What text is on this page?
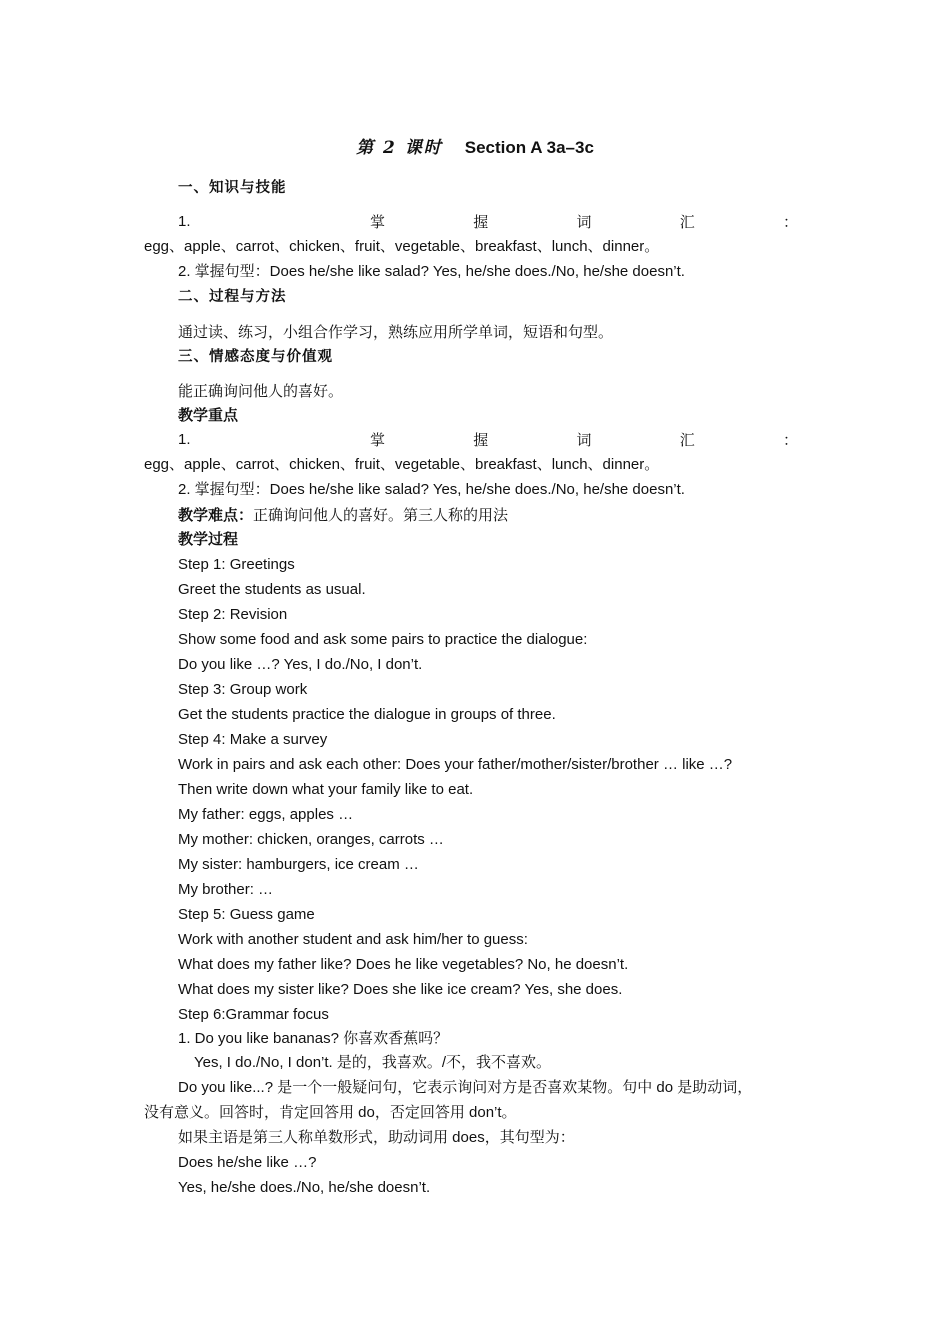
第 2 课时 Section A 3a–3c
一、知识与技能
1.	掌	握	词	汇	：
egg、apple、carrot、chicken、fruit、vegetable、breakfast、lunch、dinner。
2. 掌握句型：Does he/she like salad? Yes, he/she does./No, he/she doesn’t.
二、过程与方法
通过读、练习，小组合作学习，熟练应用所学单词，短语和句型。
三、情感态度与价值观
能正确询问他人的喜好。
教学重点
1.	掌	握	词	汇	：
egg、apple、carrot、chicken、fruit、vegetable、breakfast、lunch、dinner。
2. 掌握句型：Does he/she like salad? Yes, he/she does./No, he/she doesn’t.
教学难点：正确询问他人的喜好。第三人称的用法
教学过程
Step 1: Greetings
Greet the students as usual.
Step 2: Revision
Show some food and ask some pairs to practice the dialogue:
Do you like …? Yes, I do./No, I don’t.
Step 3: Group work
Get the students practice the dialogue in groups of three.
Step 4: Make a survey
Work in pairs and ask each other: Does your father/mother/sister/brother … like …?
Then write down what your family like to eat.
My father: eggs, apples …
My mother: chicken, oranges, carrots …
My sister: hamburgers, ice cream …
My brother: …
Step 5: Guess game
Work with another student and ask him/her to guess:
What does my father like? Does he like vegetables? No, he doesn’t.
What does my sister like? Does she like ice cream? Yes, she does.
Step 6:Grammar focus
1. Do you like bananas? 你喜欢香蕉吗？
Yes, I do./No, I don’t. 是的，我喜欢。/不，我不喜欢。
Do you like...? 是一个一般疑问句，它表示询问对方是否喜欢某物。句中 do 是助动词，
没有意义。回答时，肯定回答用 do，否定回答用 don’t。
如果主语是第三人称单数形式，助动词用 does，其句型为：
Does he/she like …?
Yes, he/she does./No, he/she doesn’t.
